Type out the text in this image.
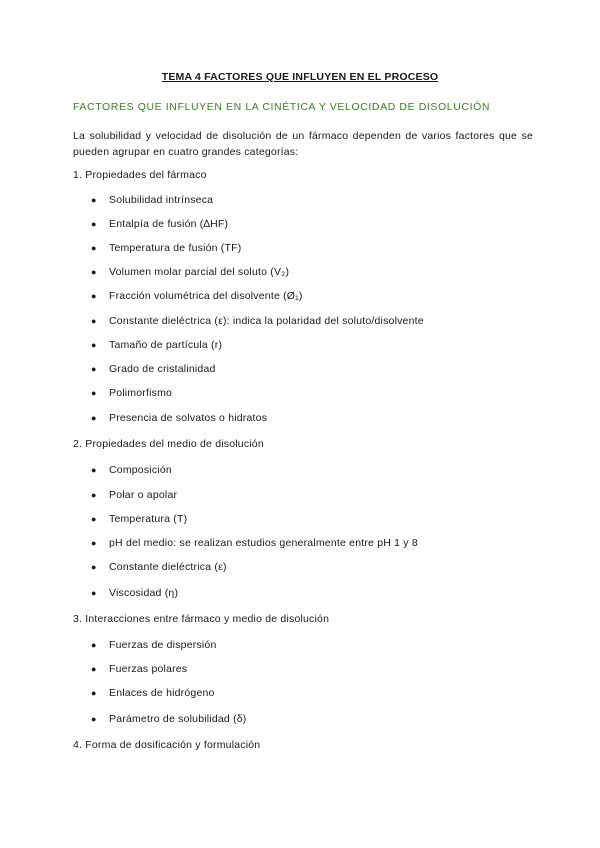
TEMA 4 FACTORES QUE INFLUYEN EN EL PROCESO
FACTORES QUE INFLUYEN EN LA CINÉTICA Y VELOCIDAD DE DISOLUCIÓN
La solubilidad y velocidad de disolución de un fármaco dependen de varios factores que se pueden agrupar en cuatro grandes categorías:
1. Propiedades del fármaco
● Solubilidad intrínseca
● Entalpía de fusión (∆HF)
● Temperatura de fusión (TF)
● Volumen molar parcial del soluto (V₂)
● Fracción volumétrica del disolvente (Ø₁)
● Constante dieléctrica (ε): indica la polaridad del soluto/disolvente
● Tamaño de partícula (r)
● Grado de cristalinidad
● Polimorfismo
● Presencia de solvatos o hidratos
2. Propiedades del medio de disolución
● Composición
● Polar o apolar
● Temperatura (T)
● pH del medio: se realizan estudios generalmente entre pH 1 y 8
● Constante dieléctrica (ε)
● Viscosidad (η)
3. Interacciones entre fármaco y medio de disolución
● Fuerzas de dispersión
● Fuerzas polares
● Enlaces de hidrógeno
● Parámetro de solubilidad (δ)
4. Forma de dosificación y formulación
